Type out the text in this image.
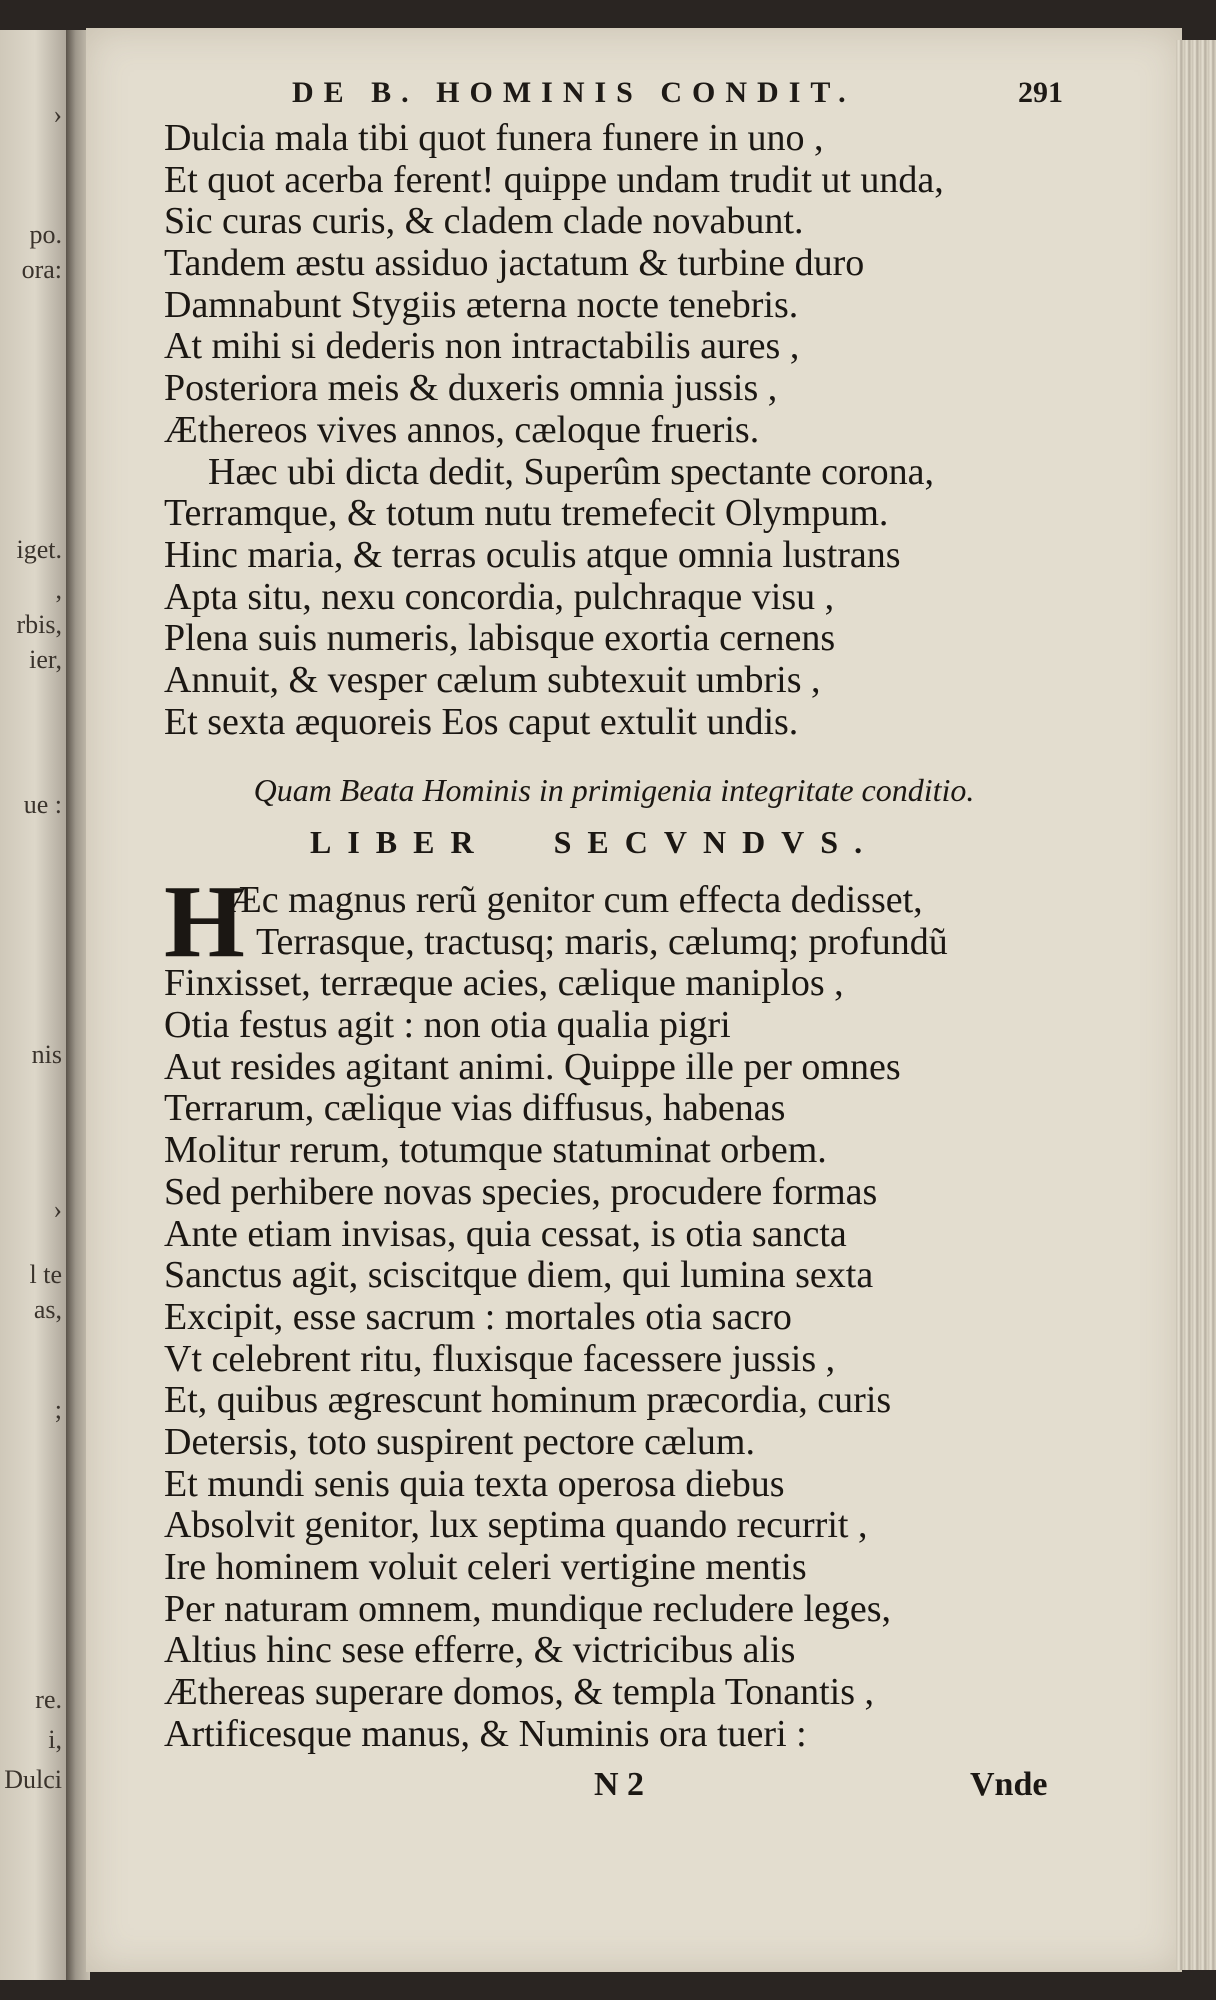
›
po.
ora:
iget.
,
rbis,
ier,
ue :
nis
›
l te
as,
;
re.
i,
Dulci
DE B. HOMINIS CONDIT.	291
Dulcia mala tibi quot funera funere in uno ,
Et quot acerba ferent! quippe undam trudit ut unda,
Sic curas curis, & cladem clade novabunt.
Tandem æstu assiduo jactatum & turbine duro
Damnabunt Stygiis æterna nocte tenebris.
At mihi si dederis non intractabilis aures ,
Posteriora meis & duxeris omnia jussis ,
Æthereos vives annos, cæloque frueris.
Hæc ubi dicta dedit, Superûm spectante corona,
Terramque, & totum nutu tremefecit Olympum.
Hinc maria, & terras oculis atque omnia lustrans
Apta situ, nexu concordia, pulchraque visu ,
Plena suis numeris, labisque exortia cernens
Annuit, & vesper cælum subtexuit umbris ,
Et sexta æquoreis Eos caput extulit undis.
Quam Beata Hominis in primigenia integritate conditio.
LIBER SECVNDVS.
H
Æc magnus rerũ genitor cum effecta dedisset,
Terrasque, tractusq; maris, cælumq; profundũ
Finxisset, terræque acies, cælique maniplos ,
Otia festus agit : non otia qualia pigri
Aut resides agitant animi. Quippe ille per omnes
Terrarum, cælique vias diffusus, habenas
Molitur rerum, totumque statuminat orbem.
Sed perhibere novas species, procudere formas
Ante etiam invisas, quia cessat, is otia sancta
Sanctus agit, sciscitque diem, qui lumina sexta
Excipit, esse sacrum : mortales otia sacro
Vt celebrent ritu, fluxisque facessere jussis ,
Et, quibus ægrescunt hominum præcordia, curis
Detersis, toto suspirent pectore cælum.
Et mundi senis quia texta operosa diebus
Absolvit genitor, lux septima quando recurrit ,
Ire hominem voluit celeri vertigine mentis
Per naturam omnem, mundique recludere leges,
Altius hinc sese efferre, & victricibus alis
Æthereas superare domos, & templa Tonantis ,
Artificesque manus, & Numinis ora tueri :
N 2	Vnde
